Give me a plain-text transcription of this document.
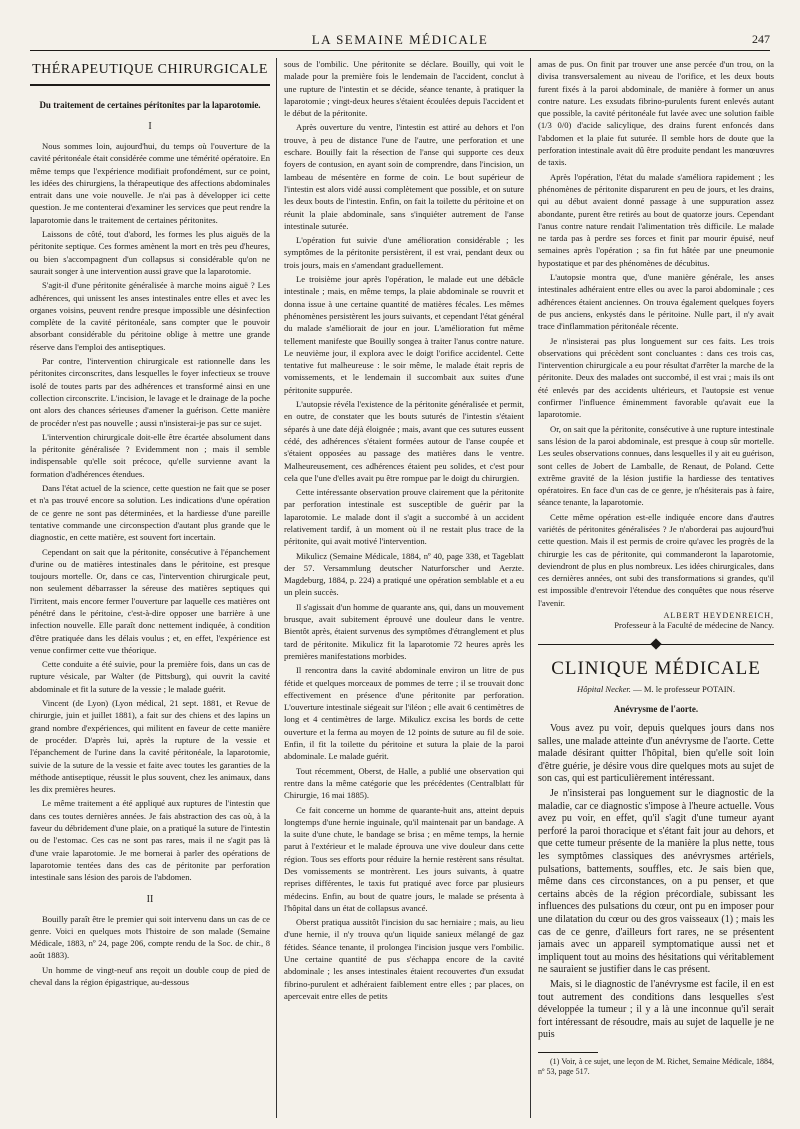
LA SEMAINE MÉDICALE	247
THÉRAPEUTIQUE CHIRURGICALE
Du traitement de certaines péritonites par la laparotomie.
I

Nous sommes loin, aujourd'hui, du temps où l'ouverture de la cavité péritonéale était considérée comme une témérité opératoire. En même temps que l'expérience modifiait profondément, sur ce point, les idées des chirurgiens, la thérapeutique des affections abdominales entrait dans une voie nouvelle. Je n'ai pas à développer ici cette question. Je me contenterai d'examiner les services que peut rendre la laparotomie dans le traitement de certaines péritonites.

Laissons de côté, tout d'abord, les formes les plus aiguës de la péritonite septique. Ces formes amènent la mort en très peu d'heures, ou bien s'accompagnent d'un collapsus si considérable qu'on ne saurait songer à une intervention aussi grave que la laparotomie.

S'agit-il d'une péritonite généralisée à marche moins aiguë ? Les adhérences, qui unissent les anses intestinales entre elles et avec les organes voisins, peuvent rendre presque impossible une désinfection complète de la cavité péritonéale, sans compter que le pouvoir absorbant considérable du péritoine oblige à mettre une grande réserve dans l'emploi des antiseptiques.

Par contre, l'intervention chirurgicale est rationnelle dans les péritonites circonscrites, dans lesquelles le foyer infectieux se trouve isolé de toutes parts par des adhérences et transformé ainsi en une collection circonscrite. L'incision, le lavage et le drainage de la poche ont alors des chances sérieuses d'amener la guérison. Cette manière de procéder n'est pas nouvelle ; aussi n'insisterai-je pas sur ce sujet.

L'intervention chirurgicale doit-elle être écartée absolument dans la péritonite généralisée ? Evidemment non ; mais il semble indispensable qu'elle soit précoce, qu'elle survienne avant la formation d'adhérences étendues.

Dans l'état actuel de la science, cette question ne fait que se poser et n'a pas trouvé encore sa solution. Les indications d'une opération de ce genre ne sont pas déterminées, et la hardiesse d'une pareille tentative commande une circonspection d'autant plus grande que le diagnostic, en cette matière, est souvent fort incertain.

Cependant on sait que la péritonite, consécutive à l'épanchement d'urine ou de matières intestinales dans le péritoine, est presque toujours mortelle. Or, dans ce cas, l'intervention chirurgicale peut, non seulement débarrasser la séreuse des matières septiques qui l'irritent, mais encore fermer l'ouverture par laquelle ces matières ont pénétré dans le péritoine, c'est-à-dire opposer une barrière à une infection nouvelle. Elle paraît donc nettement indiquée, à condition d'être pratiquée dans les délais voulus ; et, en effet, l'expérience est venue confirmer cette vue théorique.

Cette conduite a été suivie, pour la première fois, dans un cas de rupture vésicale, par Walter (de Pittsburg), qui ouvrit la cavité abdominale et fit la suture de la vessie ; le malade guérit.

Vincent (de Lyon) (Lyon médical, 21 sept. 1881, et Revue de chirurgie, juin et juillet 1881), a fait sur des chiens et des lapins un grand nombre d'expériences, qui militent en faveur de cette manière de procéder. D'après lui, après la rupture de la vessie et l'épanchement de l'urine dans la cavité péritonéale, la laparotomie, suivie de la suture de la vessie et faite avec toutes les garanties de la méthode antiseptique, réussit le plus souvent, chez les animaux, dans les dix premières heures.

Le même traitement a été appliqué aux ruptures de l'intestin que dans ces toutes dernières années. Je fais abstraction des cas où, à la faveur du débridement d'une plaie, on a pratiqué la suture de l'intestin ou de l'estomac. Ces cas ne sont pas rares, mais il ne s'agit pas là d'une vraie laparotomie. Je me bornerai à parler des opérations de laparotomie tentées dans des cas de péritonite par perforation intestinale sans lésion des parois de l'abdomen.

II

Bouilly paraît être le premier qui soit intervenu dans un cas de ce genre. Voici en quelques mots l'histoire de son malade (Semaine Médicale, 1883, nº 24, page 206, compte rendu de la Soc. de chir., 8 août 1883).

Un homme de vingt-neuf ans reçoit un double coup de pied de cheval dans la région épigastrique, au-dessous

sous de l'ombilic. Une péritonite se déclare. Bouilly, qui voit le malade pour la première fois le lendemain de l'accident, conclut à une rupture de l'intestin et se décide, séance tenante, à pratiquer la laparotomie ; vingt-deux heures s'étaient écoulées depuis l'accident et le début de la péritonite.

Après ouverture du ventre, l'intestin est attiré au dehors et l'on trouve, à peu de distance l'une de l'autre, une perforation et une eschare. Bouilly fait la résection de l'anse qui supporte ces deux foyers de contusion, en ayant soin de comprendre, dans l'incision, un lambeau de mésentère en forme de coin. Le bout supérieur de l'intestin est alors vidé aussi complètement que possible, et on suture les deux bouts de l'intestin. Enfin, on fait la toilette du péritoine et on réunit la plaie abdominale, sans s'inquiéter autrement de l'anse intestinale suturée.

L'opération fut suivie d'une amélioration considérable ; les symptômes de la péritonite persistèrent, il est vrai, pendant deux ou trois jours, mais en s'amendant graduellement.

Le troisième jour après l'opération, le malade eut une débâcle intestinale ; mais, en même temps, la plaie abdominale se rouvrit et donna issue à une certaine quantité de matières fécales. Les mêmes phénomènes persistèrent les jours suivants, et cependant l'état général du malade s'améliorait de jour en jour. L'amélioration fut même tellement manifeste que Bouilly songea à traiter l'anus contre nature. Le neuvième jour, il explora avec le doigt l'orifice accidentel. Cette tentative fut malheureuse : le soir même, le malade était repris de vomissements, et le lendemain il succombait aux suites d'une péritonite suppurée.

L'autopsie révéla l'existence de la péritonite généralisée et permit, en outre, de constater que les bouts suturés de l'intestin s'étaient séparés à une date déjà éloignée ; mais, avant que ces sutures eussent cédé, des adhérences s'étaient formées autour de l'anse coupée et s'étaient opposées au passage des matières dans le ventre. Malheureusement, ces adhérences étaient peu solides, et c'est pour cela que l'une d'elles avait pu être rompue par le doigt du chirurgien.

Cette intéressante observation prouve clairement que la péritonite par perforation intestinale est susceptible de guérir par la laparotomie. Le malade dont il s'agit a succombé à un accident relativement tardif, à un moment où il ne restait plus trace de la péritonite, qui avait motivé l'intervention.

Mikulicz (Semaine Médicale, 1884, nº 40, page 338, et Tageblatt der 57. Versammlung deutscher Naturforscher und Aerzte. Magdeburg, 1884, p. 224) a pratiqué une opération semblable et a eu un plein succès.

Il s'agissait d'un homme de quarante ans, qui, dans un mouvement brusque, avait subitement éprouvé une douleur dans le ventre. Bientôt après, étaient survenus des symptômes d'étranglement et plus tard de péritonite. Mikulicz fit la laparotomie 72 heures après les premières manifestations morbides.

Il rencontra dans la cavité abdominale environ un litre de pus fétide et quelques morceaux de pommes de terre ; il se trouvait donc effectivement en présence d'une péritonite par perforation. L'ouverture intestinale siégeait sur l'iléon ; elle avait 6 centimètres de long et 4 centimètres de large. Mikulicz excisa les bords de cette ouverture et la ferma au moyen de 12 points de suture au fil de soie. Enfin, il fit la toilette du péritoine et sutura la plaie de la paroi abdominale. Le malade guérit.

Tout récemment, Oberst, de Halle, a publié une observation qui rentre dans la même catégorie que les précédentes (Centralblatt für Chirurgie, 16 mai 1885).

Ce fait concerne un homme de quarante-huit ans, atteint depuis longtemps d'une hernie inguinale, qu'il maintenait par un bandage. A la suite d'une chute, le bandage se brisa ; en même temps, la hernie parut à l'extérieur et le malade éprouva une vive douleur dans cette région. Tous ses efforts pour réduire la hernie restèrent sans résultat. Des vomissements se montrèrent. Les jours suivants, à quatre reprises différentes, le taxis fut pratiqué avec force par plusieurs médecins. Enfin, au bout de quatre jours, le malade se présenta à l'hôpital dans un état de collapsus avancé.

Oberst pratiqua aussitôt l'incision du sac herniaire ; mais, au lieu d'une hernie, il n'y trouva qu'un liquide sanieux mélangé de gaz fétides. Séance tenante, il prolongea l'incision jusque vers l'ombilic. Une certaine quantité de pus s'échappa encore de la cavité abdominale ; les anses intestinales étaient recouvertes d'un exsudat fibrino-purulent et adhéraient faiblement entre elles ; par places, on apercevait entre elles de petits

amas de pus. On finit par trouver une anse percée d'un trou, on la divisa transversalement au niveau de l'orifice, et les deux bouts furent fixés à la paroi abdominale, de manière à former un anus contre nature. Les exsudats fibrino-purulents furent enlevés autant que possible, la cavité péritonéale fut lavée avec une solution faible (1/3 0/0) d'acide salicylique, des drains furent enfoncés dans l'abdomen et la plaie fut suturée. Il semble hors de doute que la perforation intestinale avait dû être produite pendant les manœuvres de taxis.

Après l'opération, l'état du malade s'améliora rapidement ; les phénomènes de péritonite disparurent en peu de jours, et les drains, qui au début avaient donné passage à une suppuration assez abondante, purent être retirés au bout de quatorze jours. Cependant l'anus contre nature rendait l'alimentation très difficile. Le malade ne tarda pas à perdre ses forces et finit par mourir épuisé, neuf semaines après l'opération ; sa fin fut hâtée par une pneumonie hypostatique et par des phénomènes de décubitus.

L'autopsie montra que, d'une manière générale, les anses intestinales adhéraient entre elles ou avec la paroi abdominale ; ces adhérences étaient anciennes. On trouva également quelques foyers de pus anciens, enkystés dans le péritoine. Nulle part, il n'y avait trace d'inflammation péritonéale récente.

Je n'insisterai pas plus longuement sur ces faits. Les trois observations qui précèdent sont concluantes : dans ces trois cas, l'intervention chirurgicale a eu pour résultat d'arrêter la marche de la péritonite. Deux des malades ont succombé, il est vrai ; mais ils ont été enlevés par des accidents ultérieurs, et l'autopsie est venue confirmer l'influence éminemment favorable qu'avait eue la laparotomie.

Or, on sait que la péritonite, consécutive à une rupture intestinale sans lésion de la paroi abdominale, est presque à coup sûr mortelle. Les seules observations connues, dans lesquelles il y ait eu guérison, sont celles de Jobert de Lamballe, de Renaut, de Poland. Cette extrême gravité de la lésion justifie la hardiesse des tentatives opératoires. En face d'un cas de ce genre, je n'hésiterais pas à faire, séance tenante, la laparotomie.

Cette même opération est-elle indiquée encore dans d'autres variétés de péritonites généralisées ? Je n'aborderai pas aujourd'hui cette question. Mais il est permis de croire qu'avec les progrès de la chirurgie les cas de péritonite, qui commanderont la laparotomie, deviendront de plus en plus nombreux. Les idées chirurgicales, dans ces dernières années, ont subi des transformations si grandes, qu'il est impossible d'entrevoir l'étendue des conquêtes que nous réserve l'avenir.

ALBERT HEYDENREICH,
Professeur à la Faculté de médecine de Nancy.
CLINIQUE MÉDICALE
Hôpital Necker. — M. le professeur POTAIN.
Anévrysme de l'aorte.

Vous avez pu voir, depuis quelques jours dans nos salles, une malade atteinte d'un anévrysme de l'aorte. Cette malade désirant quitter l'hôpital, bien qu'elle soit loin d'être guérie, je désire vous dire quelques mots au sujet de son cas, qui est particulièrement intéressant.

Je n'insisterai pas longuement sur le diagnostic de la maladie, car ce diagnostic s'impose à l'heure actuelle. Vous avez pu voir, en effet, qu'il s'agit d'une tumeur ayant perforé la paroi thoracique et s'étant fait jour au dehors, et que cette tumeur présente de la manière la plus nette, tous les symptômes classiques des anévrysmes artériels, pulsations, battements, souffles, etc. Je sais bien que, même dans ces circonstances, on a pu penser, et que certains abcès de la région précordiale, subissant les influences des pulsations du cœur, ont pu en imposer pour une dilatation du cœur ou des gros vaisseaux (1) ; mais les cas de ce genre, d'ailleurs fort rares, ne se présentent jamais avec un appareil symptomatique aussi net et impliquent tout au moins des hésitations qui véritablement ne sauraient se justifier dans le cas présent.

Mais, si le diagnostic de l'anévrysme est facile, il en est tout autrement des conditions dans lesquelles s'est développée la tumeur ; il y a là une inconnue qu'il serait fort intéressant de résoudre, mais au sujet de laquelle je ne puis

(1) Voir, à ce sujet, une leçon de M. Richet, Semaine Médicale, 1884, nº 53, page 517.
